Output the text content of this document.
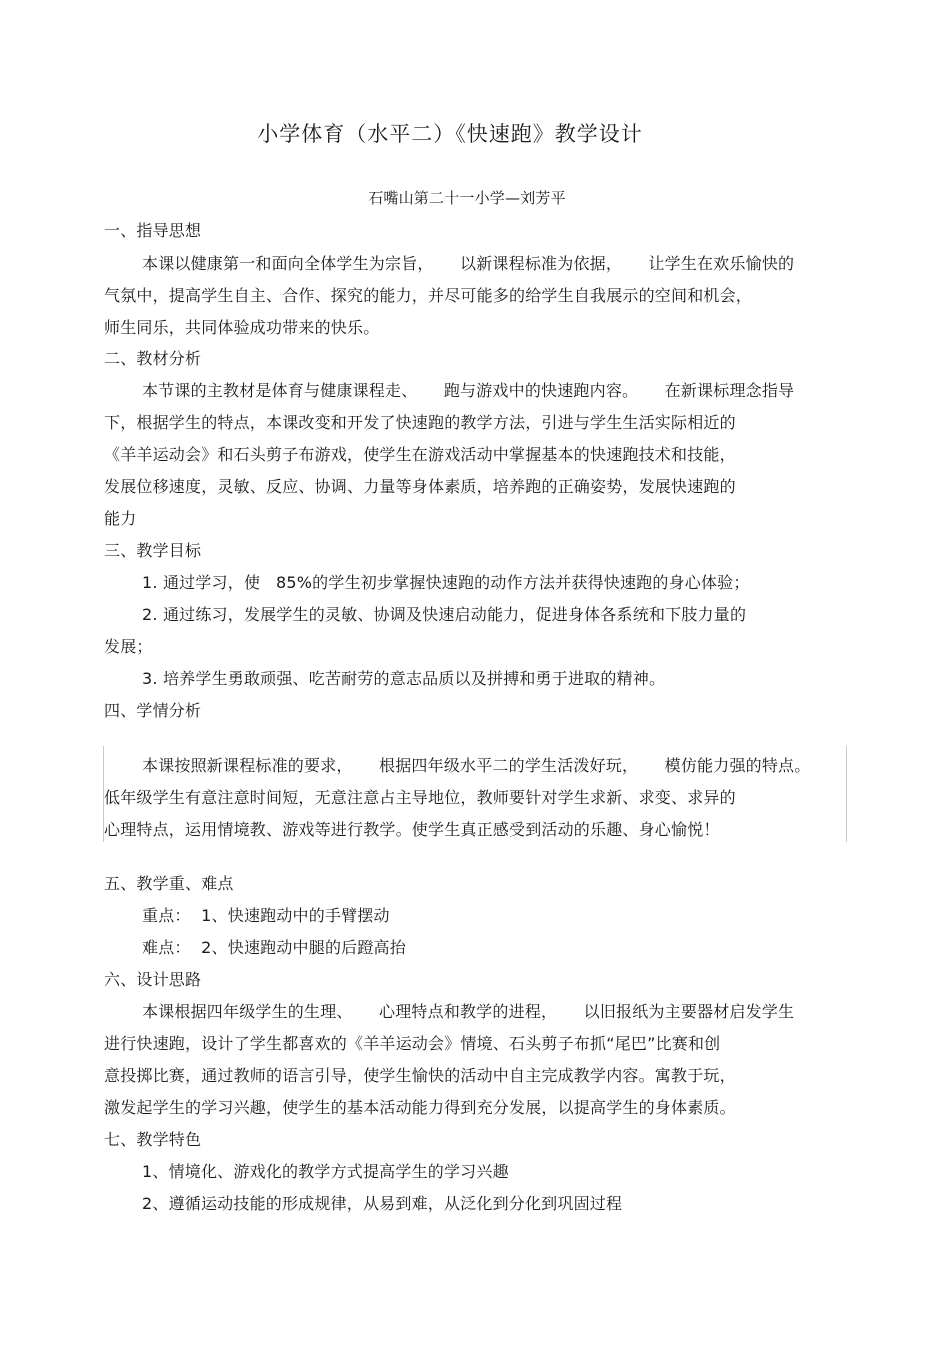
小学体育（水平二）《快速跑》教学设计
石嘴山第二十一小学—刘芳平
一、指导思想
本课以健康第一和面向全体学生为宗旨，     以新课程标准为依据，     让学生在欢乐愉快的
气氛中，提高学生自主、合作、探究的能力，并尽可能多的给学生自我展示的空间和机会，
师生同乐，共同体验成功带来的快乐。
二、教材分析
本节课的主教材是体育与健康课程走、     跑与游戏中的快速跑内容。     在新课标理念指导
下，根据学生的特点，本课改变和开发了快速跑的教学方法，引进与学生生活实际相近的
《羊羊运动会》和石头剪子布游戏，使学生在游戏活动中掌握基本的快速跑技术和技能，
发展位移速度，灵敏、反应、协调、力量等身体素质，培养跑的正确姿势，发展快速跑的
能力
三、教学目标
1. 通过学习，使   85%的学生初步掌握快速跑的动作方法并获得快速跑的身心体验；
2. 通过练习，发展学生的灵敏、协调及快速启动能力，促进身体各系统和下肢力量的
发展；
3. 培养学生勇敢顽强、吃苦耐劳的意志品质以及拼搏和勇于进取的精神。
四、学情分析
本课按照新课程标准的要求，     根据四年级水平二的学生活泼好玩，     模仿能力强的特点。
低年级学生有意注意时间短，无意注意占主导地位，教师要针对学生求新、求变、求异的
心理特点，运用情境教、游戏等进行教学。使学生真正感受到活动的乐趣、身心愉悦！
五、教学重、难点
重点：  1、快速跑动中的手臂摆动
难点：  2、快速跑动中腿的后蹬高抬
六、设计思路
本课根据四年级学生的生理、     心理特点和教学的进程，     以旧报纸为主要器材启发学生
进行快速跑，设计了学生都喜欢的《羊羊运动会》情境、石头剪子布抓“尾巴”比赛和创
意投掷比赛，通过教师的语言引导，使学生愉快的活动中自主完成教学内容。寓教于玩，
激发起学生的学习兴趣，使学生的基本活动能力得到充分发展，以提高学生的身体素质。
七、教学特色
1、情境化、游戏化的教学方式提高学生的学习兴趣
2、遵循运动技能的形成规律，从易到难，从泛化到分化到巩固过程
